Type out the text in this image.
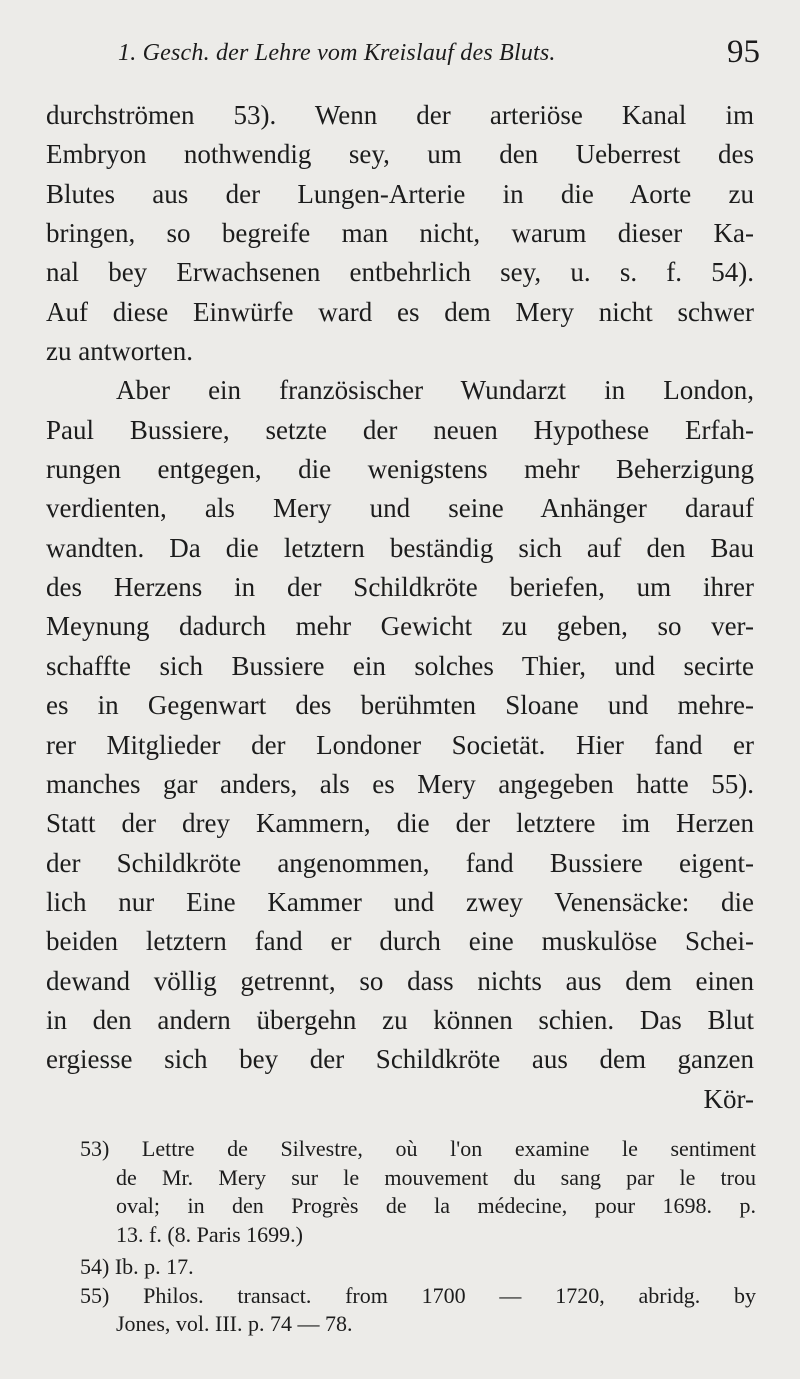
1. Gesch. der Lehre vom Kreislauf des Bluts.	95
durchströmen 53). Wenn der arteriöse Kanal im
Embryon nothwendig sey, um den Ueberrest des
Blutes aus der Lungen-Arterie in die Aorte zu
bringen, so begreife man nicht, warum dieser Ka-
nal bey Erwachsenen entbehrlich sey, u. s. f. 54).
Auf diese Einwürfe ward es dem Mery nicht schwer
zu antworten.
Aber ein französischer Wundarzt in London,
Paul Bussiere, setzte der neuen Hypothese Erfah-
rungen entgegen, die wenigstens mehr Beherzigung
verdienten, als Mery und seine Anhänger darauf
wandten. Da die letztern beständig sich auf den Bau
des Herzens in der Schildkröte beriefen, um ihrer
Meynung dadurch mehr Gewicht zu geben, so ver-
schaffte sich Bussiere ein solches Thier, und secirte
es in Gegenwart des berühmten Sloane und mehre-
rer Mitglieder der Londoner Societät. Hier fand er
manches gar anders, als es Mery angegeben hatte 55).
Statt der drey Kammern, die der letztere im Herzen
der Schildkröte angenommen, fand Bussiere eigent-
lich nur Eine Kammer und zwey Venensäcke: die
beiden letztern fand er durch eine muskulöse Schei-
dewand völlig getrennt, so dass nichts aus dem einen
in den andern übergehn zu können schien. Das Blut
ergiesse sich bey der Schildkröte aus dem ganzen
Kör-
53) Lettre de Silvestre, où l'on examine le sentiment
de Mr. Mery sur le mouvement du sang par le trou
oval; in den Progrès de la médecine, pour 1698. p.
13. f. (8. Paris 1699.)
54) Ib. p. 17.
55) Philos. transact. from 1700 — 1720, abridg. by
Jones, vol. III. p. 74 — 78.
